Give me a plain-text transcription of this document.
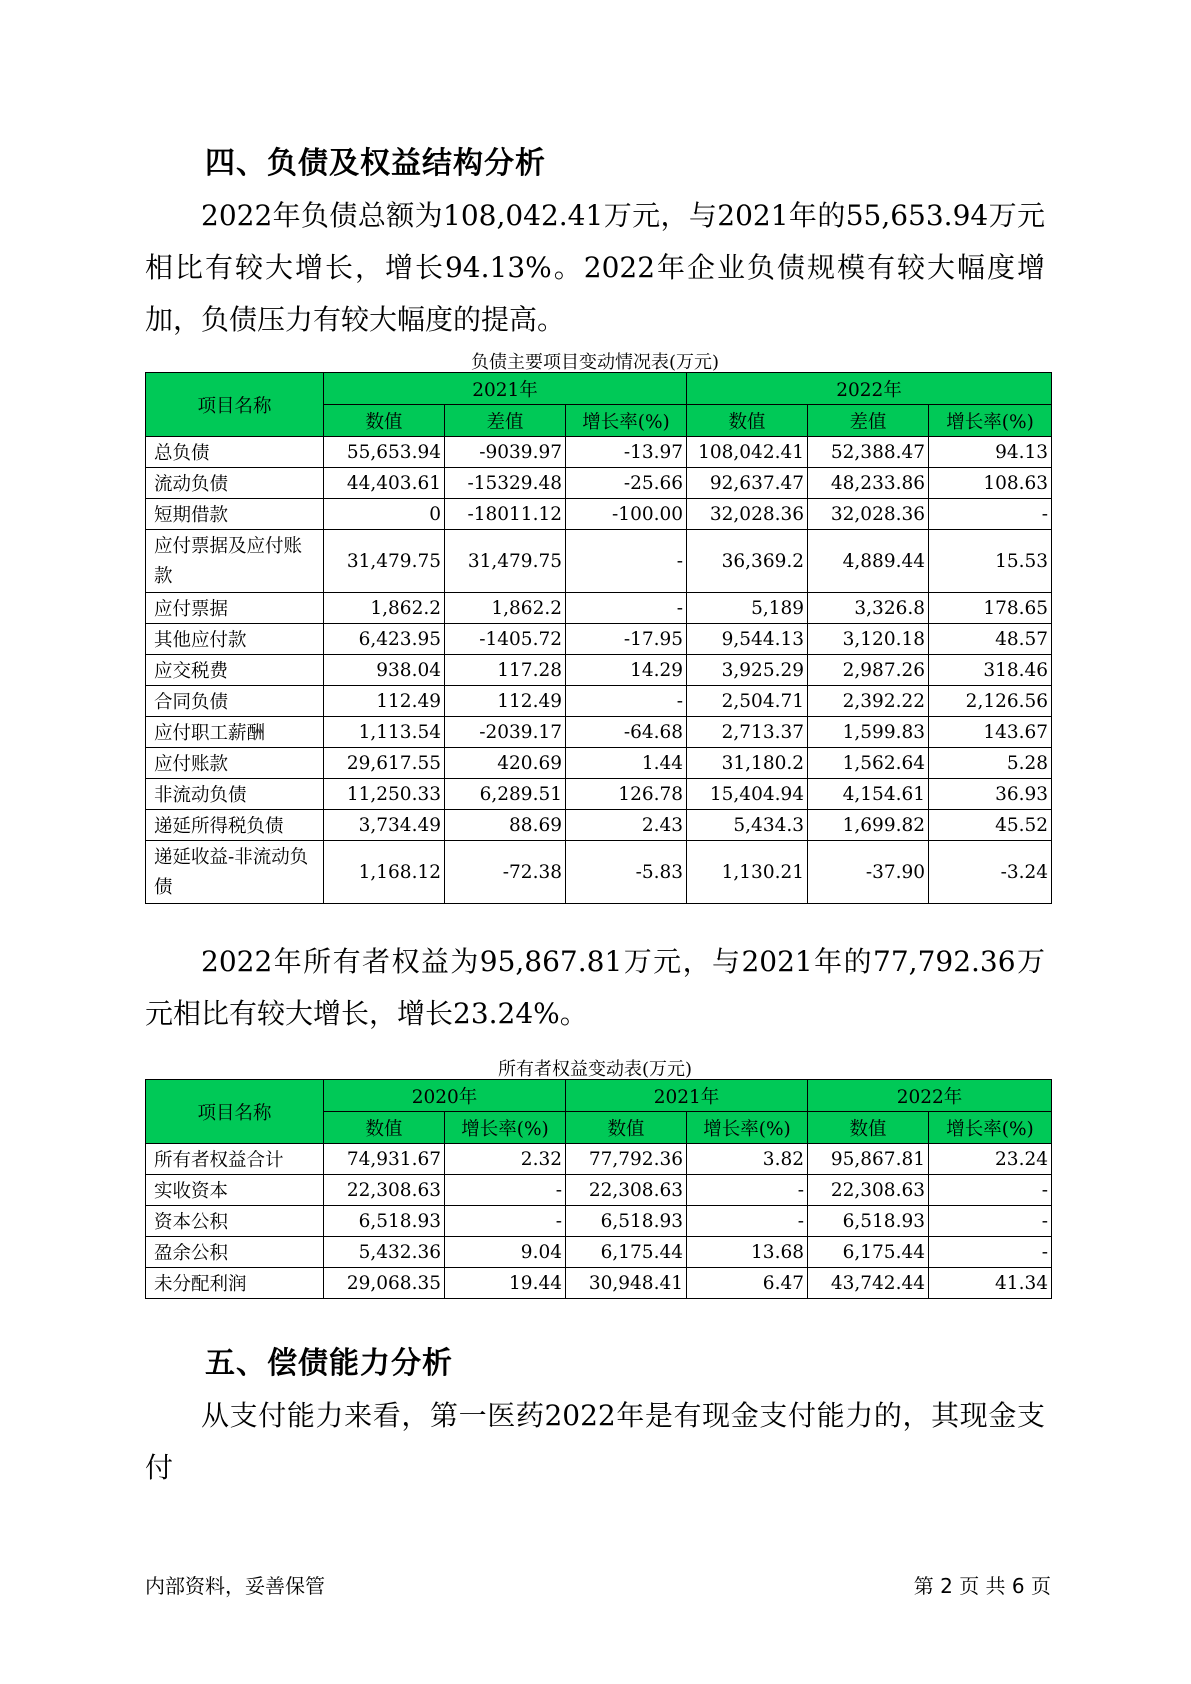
四、负债及权益结构分析

2022年负债总额为108,042.41万元，与2021年的55,653.94万元相比有较大增长，增长94.13%。2022年企业负债规模有较大幅度增加，负债压力有较大幅度的提高。

负债主要项目变动情况表(万元)

项目名称	2021年			2022年		
	数值	差值	增长率(%)	数值	差值	增长率(%)
总负债	55,653.94	-9039.97	-13.97	108,042.41	52,388.47	94.13
流动负债	44,403.61	-15329.48	-25.66	92,637.47	48,233.86	108.63
短期借款	0	-18011.12	-100.00	32,028.36	32,028.36	-
应付票据及应付账款	31,479.75	31,479.75	-	36,369.2	4,889.44	15.53
应付票据	1,862.2	1,862.2	-	5,189	3,326.8	178.65
其他应付款	6,423.95	-1405.72	-17.95	9,544.13	3,120.18	48.57
应交税费	938.04	117.28	14.29	3,925.29	2,987.26	318.46
合同负债	112.49	112.49	-	2,504.71	2,392.22	2,126.56
应付职工薪酬	1,113.54	-2039.17	-64.68	2,713.37	1,599.83	143.67
应付账款	29,617.55	420.69	1.44	31,180.2	1,562.64	5.28
非流动负债	11,250.33	6,289.51	126.78	15,404.94	4,154.61	36.93
递延所得税负债	3,734.49	88.69	2.43	5,434.3	1,699.82	45.52
递延收益-非流动负债	1,168.12	-72.38	-5.83	1,130.21	-37.90	-3.24

2022年所有者权益为95,867.81万元，与2021年的77,792.36万元相比有较大增长，增长23.24%。

所有者权益变动表(万元)

项目名称	2020年		2021年		2022年	
	数值	增长率(%)	数值	增长率(%)	数值	增长率(%)
所有者权益合计	74,931.67	2.32	77,792.36	3.82	95,867.81	23.24
实收资本	22,308.63	-	22,308.63	-	22,308.63	-
资本公积	6,518.93	-	6,518.93	-	6,518.93	-
盈余公积	5,432.36	9.04	6,175.44	13.68	6,175.44	-
未分配利润	29,068.35	19.44	30,948.41	6.47	43,742.44	41.34
五、偿债能力分析

从支付能力来看，第一医药2022年是有现金支付能力的，其现金支付

内部资料，妥善保管	第 2 页 共 6 页
